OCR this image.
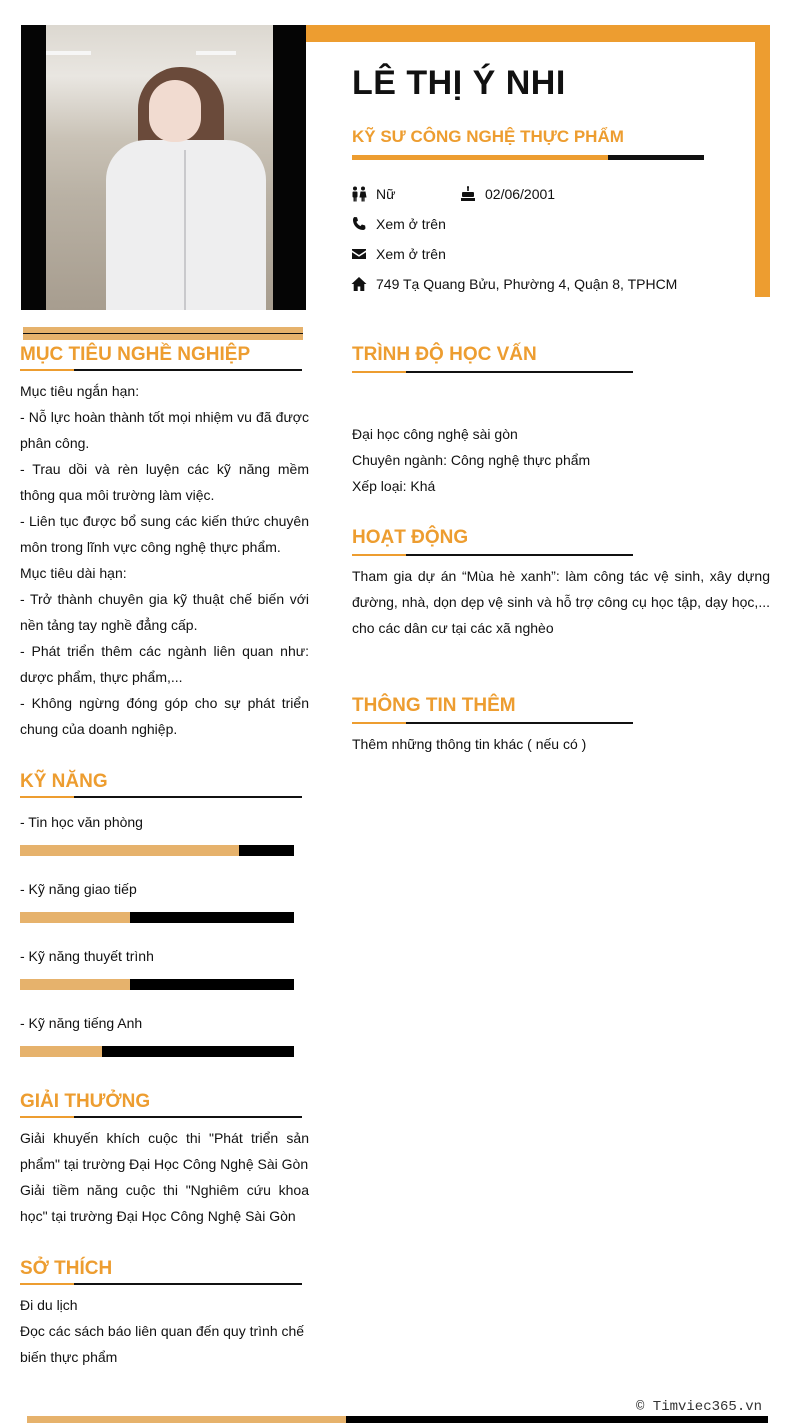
LÊ THỊ Ý NHI
KỸ SƯ CÔNG NGHỆ THỰC PHẨM
Nữ	02/06/2001
Xem ở trên
Xem ở trên
749 Tạ Quang Bửu, Phường 4, Quận 8, TPHCM
MỤC TIÊU NGHỀ NGHIỆP

Mục tiêu ngắn hạn:

- Nỗ lực hoàn thành tốt mọi nhiệm vu đã được phân công.

- Trau dồi và rèn luyện các kỹ năng mềm thông qua môi trường làm việc.

- Liên tục được bổ sung các kiến thức chuyên môn trong lĩnh vực công nghệ thực phẩm.

Mục tiêu dài hạn:

- Trở thành chuyên gia kỹ thuật chế biến với nền tảng tay nghề đẳng cấp.

- Phát triển thêm các ngành liên quan như: dược phẩm, thực phẩm,...

- Không ngừng đóng góp cho sự phát triển chung của doanh nghiệp.

KỸ NĂNG
- Tin học văn phòng
- Kỹ năng giao tiếp
- Kỹ năng thuyết trình
- Kỹ năng tiếng Anh
GIẢI THƯỞNG

Giải khuyến khích cuộc thi "Phát triển sản phẩm" tại trường Đại Học Công Nghệ Sài Gòn

Giải tiềm năng cuộc thi "Nghiêm cứu khoa học" tại trường Đại Học Công Nghệ Sài Gòn

SỞ THÍCH

Đi du lịch

Đọc các sách báo liên quan đến quy trình chế biến thực phẩm

TRÌNH ĐỘ HỌC VẤN

Đại học công nghệ sài gòn

Chuyên ngành: Công nghệ thực phẩm

Xếp loại: Khá

HOẠT ĐỘNG

Tham gia dự án “Mùa hè xanh”: làm công tác vệ sinh, xây dựng đường, nhà, dọn dẹp vệ sinh và hỗ trợ công cụ học tập, dạy học,... cho các dân cư tại các xã nghèo

THÔNG TIN THÊM

Thêm những thông tin khác ( nếu có )

© Timviec365.vn
